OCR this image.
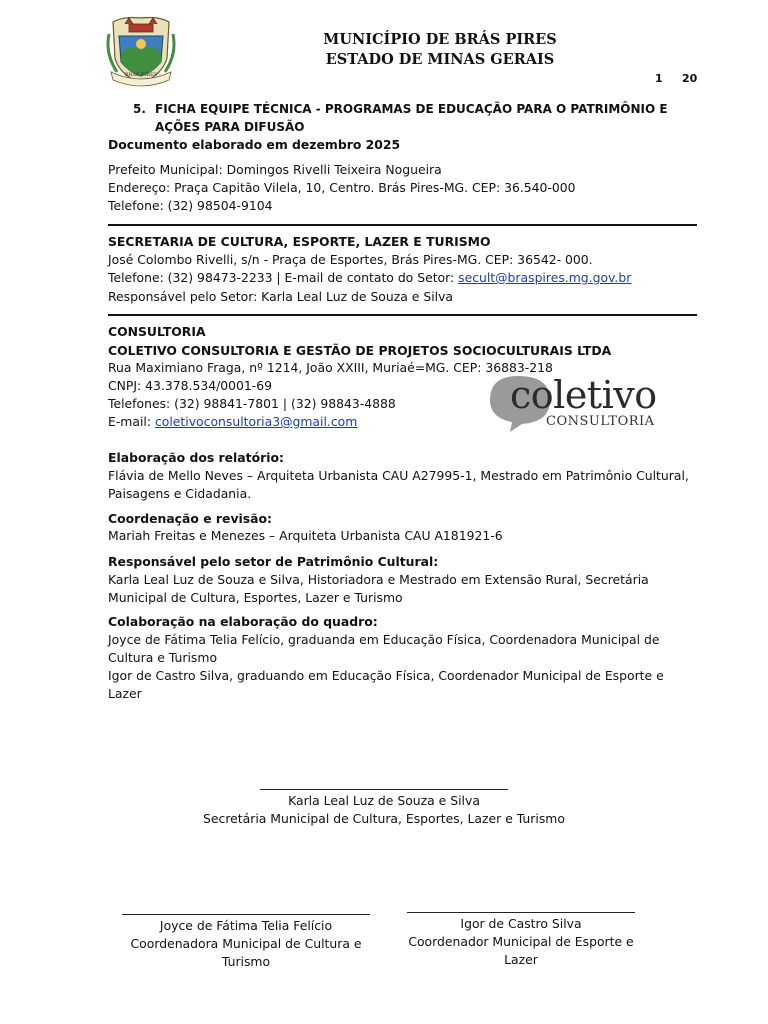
BRÁS PIRES
MUNICÍPIO DE BRÁS PIRES
ESTADO DE MINAS GERAIS
1 20
5. FICHA EQUIPE TÉCNICA - PROGRAMAS DE EDUCAÇÃO PARA O PATRIMÔNIO E
AÇÕES PARA DIFUSÃO
Documento elaborado em dezembro 2025
Prefeito Municipal: Domingos Rivelli Teixeira Nogueira
Endereço: Praça Capitão Vilela, 10, Centro. Brás Pires-MG. CEP: 36.540-000
Telefone: (32) 98504-9104
SECRETARIA DE CULTURA, ESPORTE, LAZER E TURISMO
José Colombo Rivelli, s/n - Praça de Esportes, Brás Pires-MG. CEP: 36542- 000.
Telefone: (32) 98473-2233 | E-mail de contato do Setor: secult@braspires.mg.gov.br
Responsável pelo Setor: Karla Leal Luz de Souza e Silva
CONSULTORIA
COLETIVO CONSULTORIA E GESTÃO DE PROJETOS SOCIOCULTURAIS LTDA
Rua Maximiano Fraga, nº 1214, João XXIII, Muriaé=MG. CEP: 36883-218
CNPJ: 43.378.534/0001-69
Telefones: (32) 98841-7801 | (32) 98843-4888
E-mail: coletivoconsultoria3@gmail.com
coletivo
CONSULTORIA
Elaboração dos relatório:
Flávia de Mello Neves – Arquiteta Urbanista CAU A27995-1, Mestrado em Patrimônio Cultural,
Paisagens e Cidadania.
Coordenação e revisão:
Mariah Freitas e Menezes – Arquiteta Urbanista CAU A181921-6
Responsável pelo setor de Patrimônio Cultural:
Karla Leal Luz de Souza e Silva, Historiadora e Mestrado em Extensão Rural, Secretária
Municipal de Cultura, Esportes, Lazer e Turismo
Colaboração na elaboração do quadro:
Joyce de Fátima Telia Felício, graduanda em Educação Física, Coordenadora Municipal de
Cultura e Turismo
Igor de Castro Silva, graduando em Educação Física, Coordenador Municipal de Esporte e
Lazer
Karla Leal Luz de Souza e Silva
Secretária Municipal de Cultura, Esportes, Lazer e Turismo
Joyce de Fátima Telia Felício
Coordenadora Municipal de Cultura e
Turismo
Igor de Castro Silva
Coordenador Municipal de Esporte e
Lazer
